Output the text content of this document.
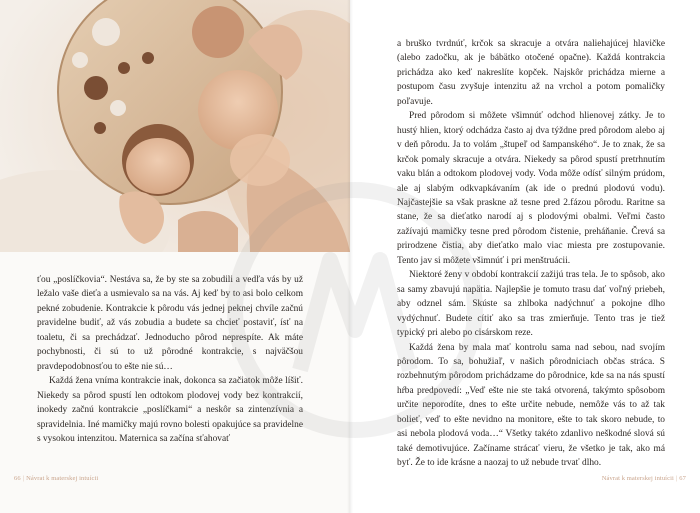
ťou „poslíčkovia“. Nestáva sa, že by ste sa zobudili a vedľa vás by už ležalo vaše dieťa a usmievalo sa na vás. Aj keď by to asi bolo celkom pekné zobudenie. Kontrakcie k pôrodu vás jednej peknej chvíle začnú pravidelne budiť, až vás zobudia a budete sa chcieť postaviť, ísť na toaletu, či sa prechádzať. Jednoducho pôrod neprespíte. Ak máte pochybnosti, či sú to už pôrodné kontrakcie, s najväčšou pravdepodobnosťou to ešte nie sú…

Každá žena vníma kontrakcie inak, dokonca sa začiatok môže líšiť. Niekedy sa pôrod spustí len odtokom plodovej vody bez kontrakcií, inokedy začnú kontrakcie „poslíčkami“ a neskôr sa zintenzívnia a spravidelnia. Iné mamičky majú rovno bolesti opakujúce sa pravidelne s vysokou intenzitou. Maternica sa začína sťahovať

66 | Návrat k materskej intuícii	Návrat k materskej intuícii | 67

a bruško tvrdnúť, krčok sa skracuje a otvára naliehajúcej hlavičke (alebo zadočku, ak je bábätko otočené opačne). Každá kontrakcia prichádza ako keď nakreslíte kopček. Najskôr prichádza mierne a postupom času zvyšuje intenzitu až na vrchol a potom pomaličky poľavuje.

Pred pôrodom si môžete všimnúť odchod hlienovej zátky. Je to hustý hlien, ktorý odchádza často aj dva týždne pred pôrodom alebo aj v deň pôrodu. Ja to volám „štupeľ od šampanského“. Je to znak, že sa krčok pomaly skracuje a otvára. Niekedy sa pôrod spustí pretrhnutím vaku blán a odtokom plodovej vody. Voda môže odísť silným prúdom, ale aj slabým odkvapkávaním (ak ide o prednú plodovú vodu). Najčastejšie sa však praskne až tesne pred 2.fázou pôrodu. Raritne sa stane, že sa dieťatko narodí aj s plodovými obalmi. Veľmi často zažívajú mamičky tesne pred pôrodom čistenie, preháňanie. Črevá sa prirodzene čistia, aby dieťatko malo viac miesta pre zostupovanie. Tento jav si môžete všimnúť i pri menštruácii.

Niektoré ženy v období kontrakcií zažijú tras tela. Je to spôsob, ako sa samy zbavujú napätia. Najlepšie je tomuto trasu dať voľný priebeh, aby odznel sám. Skúste sa zhlboka nadýchnuť a pokojne dlho vydýchnuť. Budete cítiť ako sa tras zmierňuje. Tento tras je tiež typický pri alebo po cisárskom reze.

Každá žena by mala mať kontrolu sama nad sebou, nad svojím pôrodom. To sa, bohužiaľ, v našich pôrodniciach občas stráca. S rozbehnutým pôrodom prichádzame do pôrodnice, kde sa na nás spustí hŕba predpovedí: „Veď ešte nie ste taká otvorená, takýmto spôsobom určite neporodíte, dnes to ešte určite nebude, nemôže vás to až tak bolieť, veď to ešte nevidno na monitore, ešte to tak skoro nebude, to asi nebola plodová voda…“ Všetky takéto zdanlivo neškodné slová sú také demotivujúce. Začíname strácať vieru, že všetko je tak, ako má byť. Že to ide krásne a naozaj to už nebude trvať dlho.
